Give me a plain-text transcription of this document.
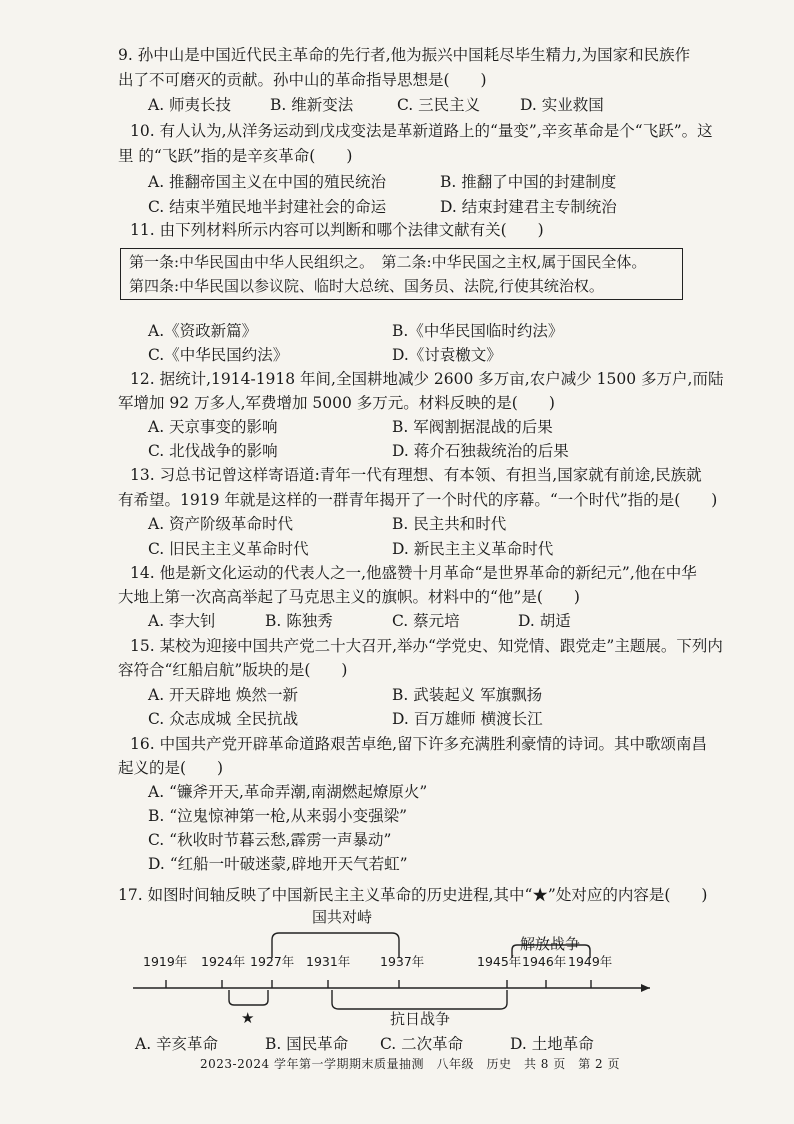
9. 孙中山是中国近代民主革命的先行者,他为振兴中国耗尽毕生精力,为国家和民族作
出了不可磨灭的贡献。孙中山的革命指导思想是(　　)
A. 师夷长技	B. 维新变法	C. 三民主义	D. 实业救国
10. 有人认为,从洋务运动到戊戌变法是革新道路上的“量变”,辛亥革命是个“飞跃”。这
里 的“飞跃”指的是辛亥革命(　　)
A. 推翻帝国主义在中国的殖民统治	B. 推翻了中国的封建制度
C. 结束半殖民地半封建社会的命运	D. 结束封建君主专制统治
11. 由下列材料所示内容可以判断和哪个法律文献有关(　　)
第一条:中华民国由中华人民组织之。　第二条:中华民国之主权,属于国民全体。
第四条:中华民国以参议院、临时大总统、国务员、法院,行使其统治权。
A.《资政新篇》	B.《中华民国临时约法》
C.《中华民国约法》	D.《讨袁檄文》
12. 据统计,1914-1918 年间,全国耕地减少 2600 多万亩,农户减少 1500 多万户,而陆
军增加 92 万多人,军费增加 5000 多万元。材料反映的是(　　)
A. 天京事变的影响	B. 军阀割据混战的后果
C. 北伐战争的影响	D. 蒋介石独裁统治的后果
13. 习总书记曾这样寄语道:青年一代有理想、有本领、有担当,国家就有前途,民族就
有希望。1919 年就是这样的一群青年揭开了一个时代的序幕。“一个时代”指的是(　　)
A. 资产阶级革命时代	B. 民主共和时代
C. 旧民主主义革命时代	D. 新民主主义革命时代
14. 他是新文化运动的代表人之一,他盛赞十月革命“是世界革命的新纪元”,他在中华
大地上第一次高高举起了马克思主义的旗帜。材料中的“他”是(　　)
A. 李大钊	B. 陈独秀	C. 蔡元培	D. 胡适
15. 某校为迎接中国共产党二十大召开,举办“学党史、知党情、跟党走”主题展。下列内
容符合“红船启航”版块的是(　　)
A. 开天辟地 焕然一新	B. 武装起义 军旗飘扬
C. 众志成城 全民抗战	D. 百万雄师 横渡长江
16. 中国共产党开辟革命道路艰苦卓绝,留下许多充满胜利豪情的诗词。其中歌颂南昌
起义的是(　　)
A. “镰斧开天,革命弄潮,南湖燃起燎原火”
B. “泣鬼惊神第一枪,从来弱小变强梁”
C. “秋收时节暮云愁,霹雳一声暴动”
D. “红船一叶破迷蒙,辟地开天气若虹”
17. 如图时间轴反映了中国新民主主义革命的历史进程,其中“★”处对应的内容是(　　)
国共对峙
解放战争
1919年 1924年 1927年 1931年 1937年	1945年 1946年 1949年
★	抗日战争
A. 辛亥革命	B. 国民革命 C. 二次革命	D. 土地革命
2023-2024 学年第一学期期末质量抽测　八年级　历史　共 8 页　第 2 页
